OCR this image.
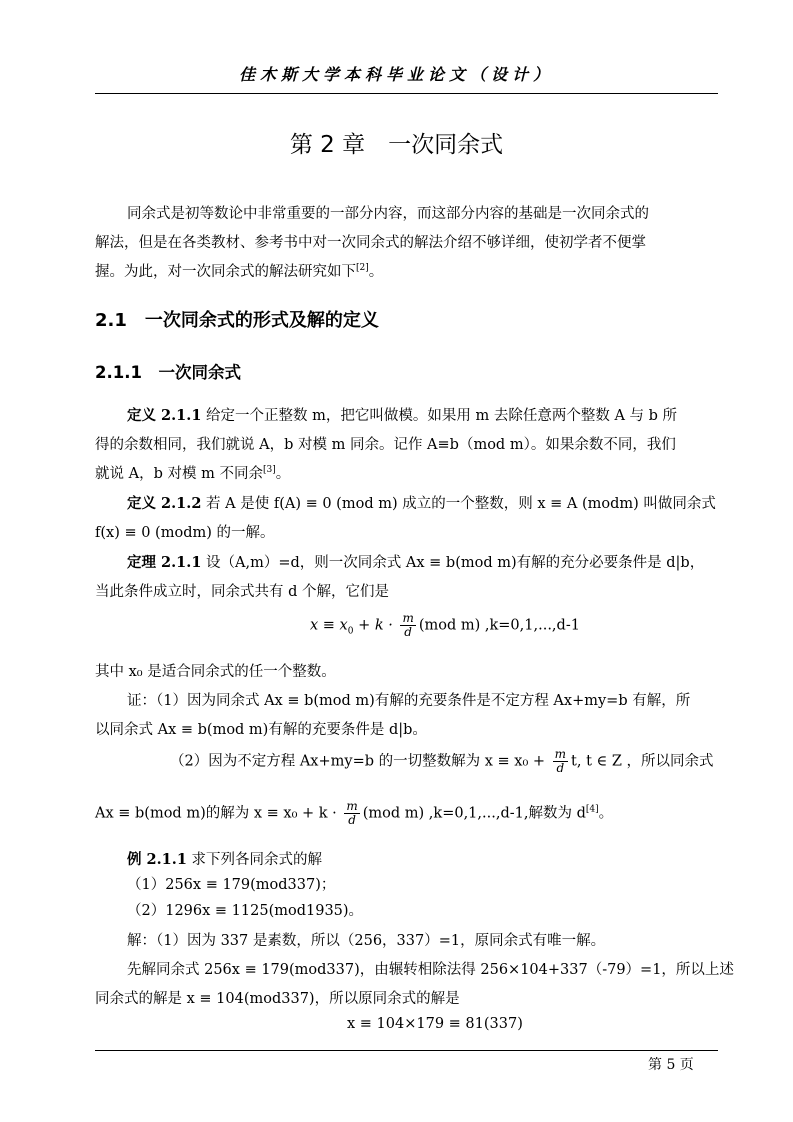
佳木斯大学本科毕业论文（设计）
第 2 章　一次同余式
同余式是初等数论中非常重要的一部分内容，而这部分内容的基础是一次同余式的
解法，但是在各类教材、参考书中对一次同余式的解法介绍不够详细，使初学者不便掌
握。为此，对一次同余式的解法研究如下[2]。
2.1　一次同余式的形式及解的定义
2.1.1　一次同余式
定义 2.1.1 给定一个正整数 m，把它叫做模。如果用 m 去除任意两个整数 A 与 b 所
得的余数相同，我们就说 A，b 对模 m 同余。记作 A≡b（mod m）。如果余数不同，我们
就说 A，b 对模 m 不同余[3]。
定义 2.1.2 若 A 是使 f(A) ≡ 0 (mod m) 成立的一个整数，则 x ≡ A (modm) 叫做同余式
f(x) ≡ 0 (modm) 的一解。
定理 2.1.1 设（A,m）=d，则一次同余式 Ax ≡ b(mod m)有解的充分必要条件是 d|b，
当此条件成立时，同余式共有 d 个解，它们是
$x \equiv x_0 + k \cdot \frac{m}{d} (mod$ m) ,k=0,1,...,d-1
其中 x₀ 是适合同余式的任一个整数。
证：（1）因为同余式 Ax ≡ b(mod m)有解的充要条件是不定方程 Ax+my=b 有解，所
以同余式 Ax ≡ b(mod m)有解的充要条件是 d|b。
（2）因为不定方程 Ax+my=b 的一切整数解为 $x \equiv x_0 + \frac{m}{d} t$, t ∈ Z ，所以同余式
Ax ≡ b(mod m)的解为 $x \equiv x_0 + k \cdot \frac{m}{d} (mod$ m) ,k=0,1,...,d-1,解数为 d[4]。
例 2.1.1 求下列各同余式的解
（1）256x ≡ 179(mod337)；
（2）1296x ≡ 1125(mod1935)。
解：（1）因为 337 是素数，所以（256，337）=1，原同余式有唯一解。
先解同余式 256x ≡ 179(mod337)，由辗转相除法得 256×104+337（-79）=1，所以上述
同余式的解是 x ≡ 104(mod337)，所以原同余式的解是
x ≡ 104×179 ≡ 81(337)
第 5 页
